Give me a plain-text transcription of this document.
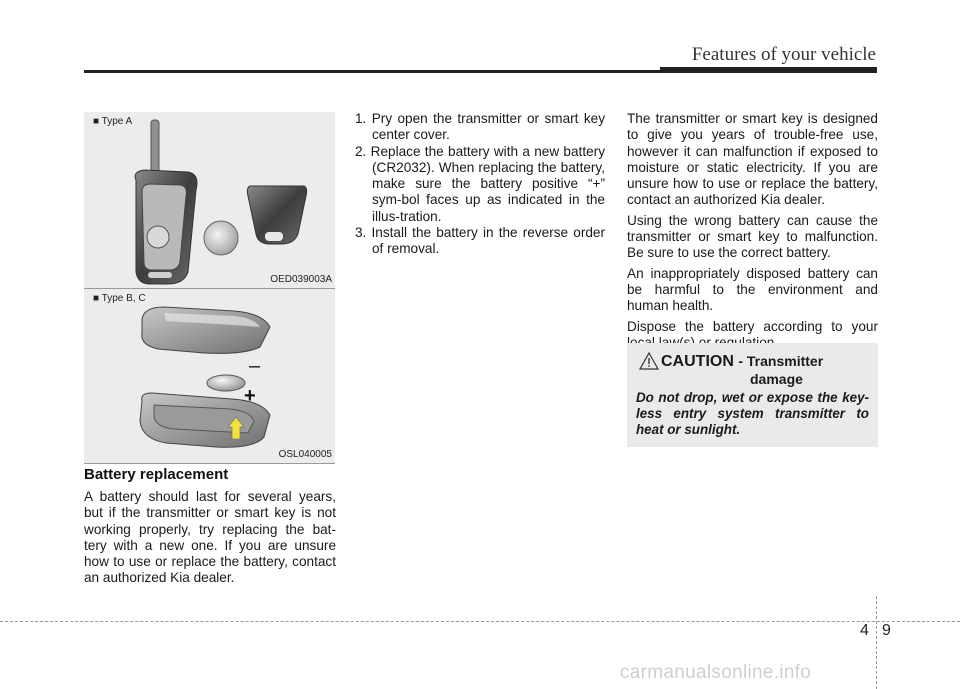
Features of your vehicle
■ Type A
OED039003A
–
+
■ Type B, C
OSL040005
Battery replacement

A battery should last for several years, but if the transmitter or smart key is not working properly, try replacing the bat-tery with a new one. If you are unsure how to use or replace the battery, contact an authorized Kia dealer.

1. Pry open the transmitter or smart key center cover.
2. Replace the battery with a new battery (CR2032). When replacing the battery, make sure the battery positive “+” sym-bol faces up as indicated in the illus-tration.
3. Install the battery in the reverse order of removal.

The transmitter or smart key is designed to give you years of trouble-free use, however it can malfunction if exposed to moisture or static electricity. If you are unsure how to use or replace the battery, contact an authorized Kia dealer.

Using the wrong battery can cause the transmitter or smart key to malfunction. Be sure to use the correct battery.

An inappropriately disposed battery can be harmful to the environment and human health.

Dispose the battery according to your

CAUTION - Transmitter
damage
Do not drop, wet or expose the key-less entry system transmitter to heat or sunlight.
4 9
carmanualsonline.info
